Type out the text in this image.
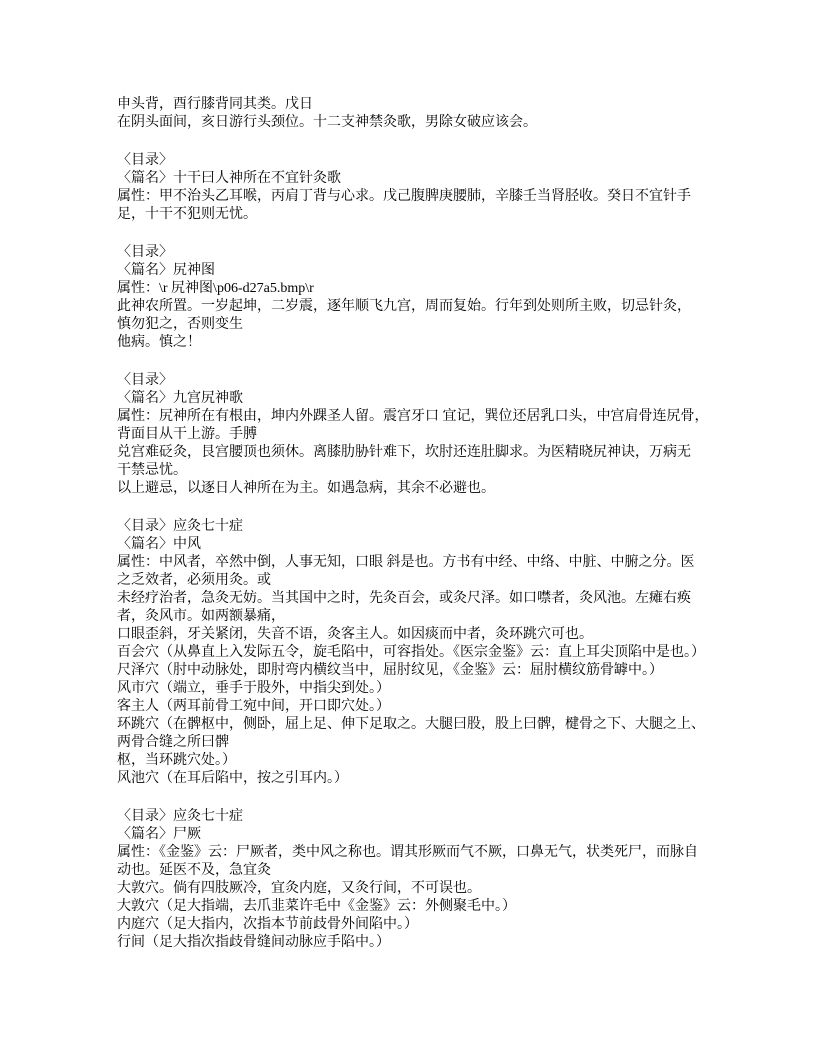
申头背，酉行膝背同其类。戊日
在阴头面间，亥日游行头颈位。十二支神禁灸歌，男除女破应该会。
〈目录〉
〈篇名〉十干曰人神所在不宜针灸歌
属性：甲不治头乙耳喉，丙肩丁背与心求。戊己腹脾庚腰肺，辛膝壬当肾胫收。癸日不宜针手
足，十干不犯则无忧。
〈目录〉
〈篇名〉尻神图
属性：\r 尻神图\p06-d27a5.bmp\r
此神农所置。一岁起坤，二岁震，逐年顺飞九宫，周而复始。行年到处则所主败，切忌针灸，
慎勿犯之，否则变生
他病。慎之！
〈目录〉
〈篇名〉九宫尻神歌
属性：尻神所在有根由，坤内外踝圣人留。震宫牙口 宜记，巽位还居乳口头，中宫肩骨连尻骨，
背面目从干上游。手膊
兑宫难砭灸，艮宫腰顶也须休。离膝肋胁针难下，坎肘还连肚脚求。为医精晓尻神诀，万病无
干禁忌忧。
以上避忌，以逐日人神所在为主。如遇急病，其余不必避也。
〈目录〉应灸七十症
〈篇名〉中风
属性：中风者，卒然中倒，人事无知，口眼 斜是也。方书有中经、中络、中脏、中腑之分。医
之乏效者，必须用灸。或
未经疗治者，急灸无妨。当其国中之时，先灸百会，或灸尺泽。如口噤者，灸风池。左瘫右痪
者，灸风市。如两额暴痛，
口眼歪斜，牙关紧闭，失音不语，灸客主人。如因痰而中者，灸环跳穴可也。
百会穴（从鼻直上入发际五令，旋毛陷中，可容指处。《医宗金鉴》云：直上耳尖顶陷中是也。）
尺泽穴（肘中动脉处，即肘弯内横纹当中，屈肘纹见，《金鉴》云：屈肘横纹筋骨罅中。）
风市穴（端立，垂手于股外，中指尖到处。）
客主人（两耳前骨工宛中间，开口即穴处。）
环跳穴（在髀枢中，侧卧，屈上足、伸下足取之。大腿曰股，股上曰髀，楗骨之下、大腿之上、
两骨合缝之所曰髀
枢，当环跳穴处。）
风池穴（在耳后陷中，按之引耳内。）
〈目录〉应灸七十症
〈篇名〉尸厥
属性：《金鉴》云：尸厥者，类中风之称也。谓其形厥而气不厥，口鼻无气，状类死尸，而脉自
动也。延医不及，急宜灸
大敦穴。倘有四肢厥冷，宜灸内庭，又灸行间，不可误也。
大敦穴（足大指端，去爪韭菜许毛中《金鉴》云：外侧聚毛中。）
内庭穴（足大指内，次指本节前歧骨外间陷中。）
行间（足大指次指歧骨缝间动脉应手陷中。）
